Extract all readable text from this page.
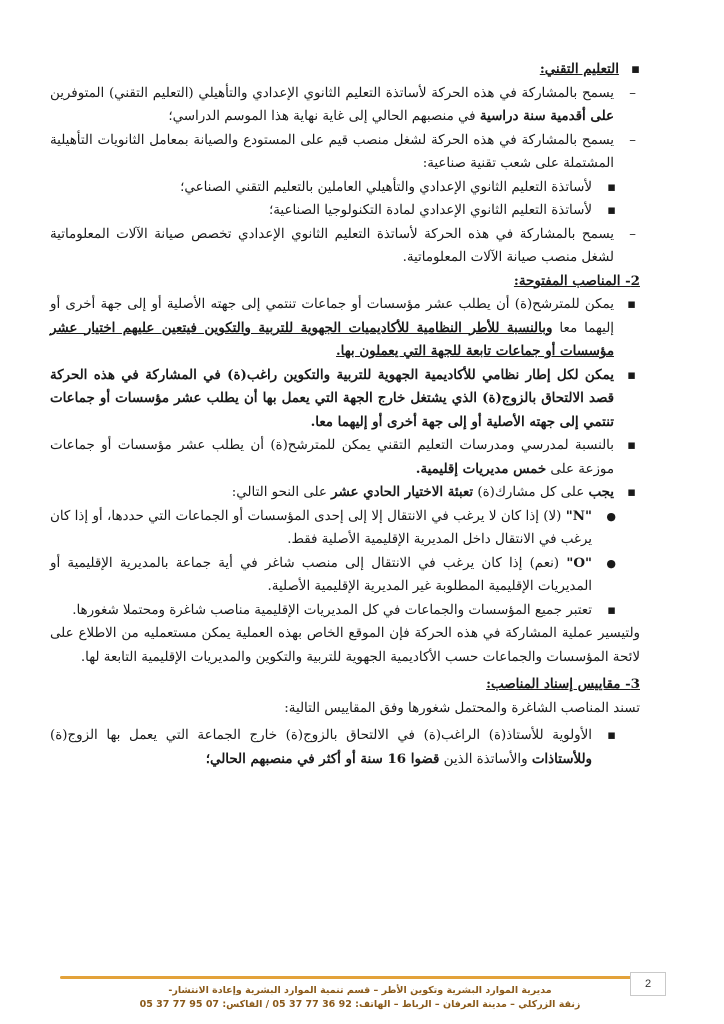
▪ التعليم التقني:

– يسمح بالمشاركة في هذه الحركة لأساتذة التعليم الثانوي الإعدادي والتأهيلي (التعليم التقني) المتوفرين على أقدمية سنة دراسية في منصبهم الحالي إلى غاية نهاية هذا الموسم الدراسي؛

– يسمح بالمشاركة في هذه الحركة لشغل منصب قيم على المستودع والصيانة بمعامل الثانويات التأهيلية المشتملة على شعب تقنية صناعية:

▪ لأساتذة التعليم الثانوي الإعدادي والتأهيلي العاملين بالتعليم التقني الصناعي؛

▪ لأساتذة التعليم الثانوي الإعدادي لمادة التكنولوجيا الصناعية؛

– يسمح بالمشاركة في هذه الحركة لأساتذة التعليم الثانوي الإعدادي تخصص صيانة الآلات المعلوماتية لشغل منصب صيانة الآلات المعلوماتية.

2- المناصب المفتوحة:

▪ يمكن للمترشح(ة) أن يطلب عشر مؤسسات أو جماعات تنتمي إلى جهته الأصلية أو إلى جهة أخرى أو إليهما معا وبالنسبة للأطر النظامية للأكاديميات الجهوية للتربية والتكوين فيتعين عليهم اختيار عشر مؤسسات أو جماعات تابعة للجهة التي يعملون بها.

▪ يمكن لكل إطار نظامي للأكاديمية الجهوية للتربية والتكوين راغب(ة) في المشاركة في هذه الحركة قصد الالتحاق بالزوج(ة) الذي يشتغل خارج الجهة التي يعمل بها أن يطلب عشر مؤسسات أو جماعات تنتمي إلى جهته الأصلية أو إلى جهة أخرى أو إليهما معا.

▪ بالنسبة لمدرسي ومدرسات التعليم التقني يمكن للمترشح(ة) أن يطلب عشر مؤسسات أو جماعات موزعة على خمس مديريات إقليمية.

▪ يجب على كل مشارك(ة) تعبئة الاختيار الحادي عشر على النحو التالي:

● "N" (لا) إذا كان لا يرغب في الانتقال إلا إلى إحدى المؤسسات أو الجماعات التي حددها، أو إذا كان يرغب في الانتقال داخل المديرية الإقليمية الأصلية فقط.

● "O" (نعم) إذا كان يرغب في الانتقال إلى منصب شاغر في أية جماعة بالمديرية الإقليمية أو المديريات الإقليمية المطلوبة غير المديرية الإقليمية الأصلية.

▪ تعتبر جميع المؤسسات والجماعات في كل المديريات الإقليمية مناصب شاغرة ومحتملا شغورها.

ولتيسير عملية المشاركة في هذه الحركة فإن الموقع الخاص بهذه العملية يمكن مستعمليه من الاطلاع على لائحة المؤسسات والجماعات حسب الأكاديمية الجهوية للتربية والتكوين والمديريات الإقليمية التابعة لها.

3- مقاييس إسناد المناصب:

تسند المناصب الشاغرة والمحتمل شغورها وفق المقاييس التالية:

▪ الأولوية للأستاذ(ة) الراغب(ة) في الالتحاق بالزوج(ة) خارج الجماعة التي يعمل بها الزوج(ة) وللأستاذات والأساتذة الذين قضوا 16 سنة أو أكثر في منصبهم الحالي؛

2
مديرية الموارد البشرية وتكوين الأطر – قسم تنمية الموارد البشرية وإعادة الانتشار-
زنقة الزركلي – مدينة العرفان – الرباط – الهاتف: 92 36 77 37 05 / الفاكس: 07 95 77 37 05
